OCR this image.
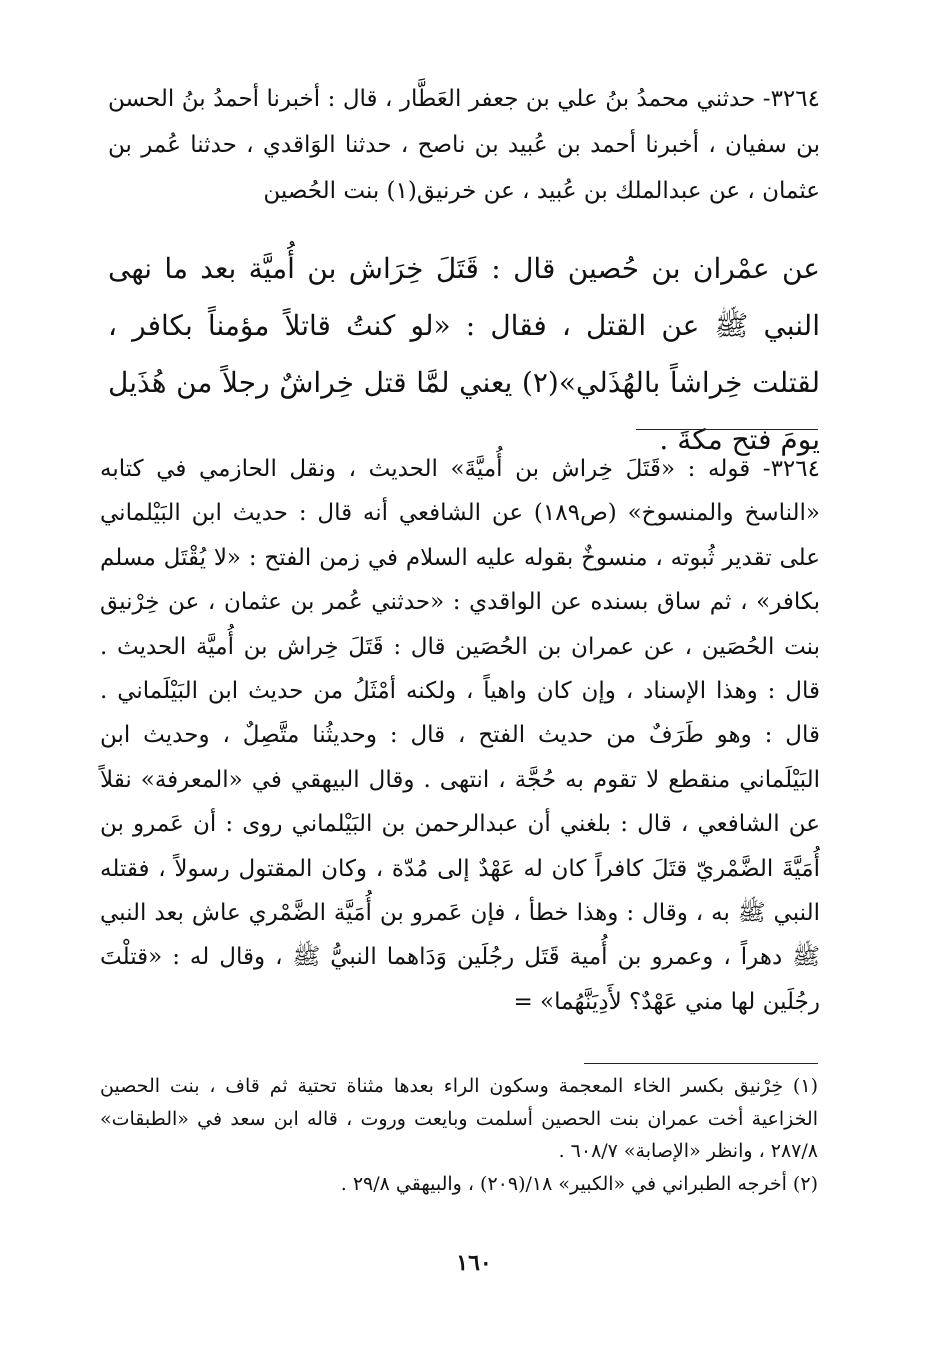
٣٢٦٤- حدثني محمدُ بنُ علي بن جعفر العَطَّار ، قال : أخبرنا أحمدُ بنُ الحسن بن سفيان ، أخبرنا أحمد بن عُبيد بن ناصح ، حدثنا الوَاقدي ، حدثنا عُمر بن عثمان ، عن عبدالملك بن عُبيد ، عن خرنيق(١) بنت الحُصين
عن عمْران بن حُصين قال : قَتَلَ خِرَاش بن أُميَّة بعد ما نهى النبي ﷺ عن القتل ، فقال : «لو كنتُ قاتلاً مؤمناً بكافر ، لقتلت خِراشاً بالهُذَلي»(٢) يعني لمَّا قتل خِراشٌ رجلاً من هُذَيل يومَ فتح مكةَ .
٣٢٦٤- قوله : «قَتَلَ خِراش بن أُميَّةَ» الحديث ، ونقل الحازمي في كتابه «الناسخ والمنسوخ» (ص١٨٩) عن الشافعي أنه قال : حديث ابن البَيْلماني على تقدير ثُبوته ، منسوخٌ بقوله عليه السلام في زمن الفتح : «لا يُقْتَل مسلم بكافر» ، ثم ساق بسنده عن الواقدي : «حدثني عُمر بن عثمان ، عن خِرْنيق بنت الحُصَين ، عن عمران بن الحُصَين قال : قَتَلَ خِراش بن أُميَّة الحديث . قال : وهذا الإسناد ، وإن كان واهياً ، ولكنه أمْثَلُ من حديث ابن البَيْلَماني . قال : وهو طَرَفٌ من حديث الفتح ، قال : وحديثُنا متَّصِلٌ ، وحديث ابن البَيْلَماني منقطع لا تقوم به حُجَّة ، انتهى . وقال البيهقي في «المعرفة» نقلاً عن الشافعي ، قال : بلغني أن عبدالرحمن بن البَيْلماني روى : أن عَمرو بن أُمَيَّةَ الضَّمْريّ قتَلَ كافراً كان له عَهْدٌ إلى مُدّة ، وكان المقتول رسولاً ، فقتله النبي ﷺ به ، وقال : وهذا خطأ ، فإن عَمرو بن أُمَيَّة الضَّمْري عاش بعد النبي ﷺ دهراً ، وعمرو بن أُمية قَتَل رجُلَين وَدَاهما النبيُّ ﷺ ، وقال له : «قتلْتَ رجُلَين لها مني عَهْدٌ؟ لأَدِيَنَّهُما» =

(١) خِرْنيق بكسر الخاء المعجمة وسكون الراء بعدها مثناة تحتية ثم قاف ، بنت الحصين الخزاعية أخت عمران بنت الحصين أسلمت وبايعت وروت ، قاله ابن سعد في «الطبقات» ٢٨٧/٨ ، وانظر «الإصابة» ٦٠٨/٧ .

(٢) أخرجه الطبراني في «الكبير» ١٨/(٢٠٩) ، والبيهقي ٢٩/٨ .

١٦٠
